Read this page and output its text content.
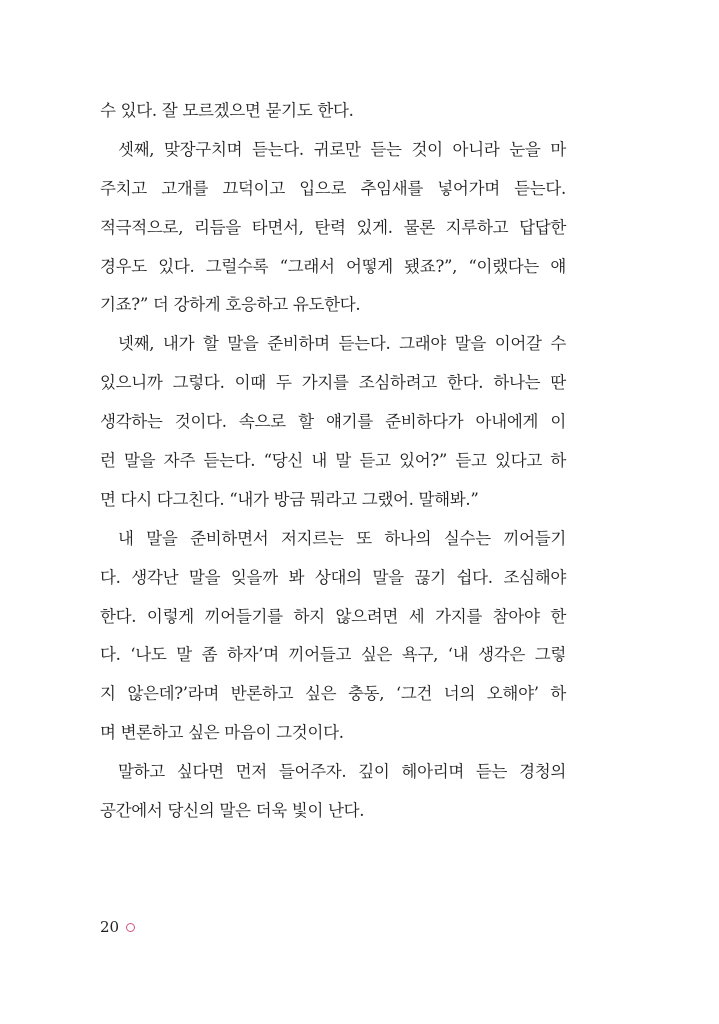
수 있다. 잘 모르겠으면 묻기도 한다.
셋째, 맞장구치며 듣는다. 귀로만 듣는 것이 아니라 눈을 마
주치고 고개를 끄덕이고 입으로 추임새를 넣어가며 듣는다.
적극적으로, 리듬을 타면서, 탄력 있게. 물론 지루하고 답답한
경우도 있다. 그럴수록 “그래서 어떻게 됐죠?”, “이랬다는 얘
기죠?” 더 강하게 호응하고 유도한다.
넷째, 내가 할 말을 준비하며 듣는다. 그래야 말을 이어갈 수
있으니까 그렇다. 이때 두 가지를 조심하려고 한다. 하나는 딴
생각하는 것이다. 속으로 할 얘기를 준비하다가 아내에게 이
런 말을 자주 듣는다. “당신 내 말 듣고 있어?” 듣고 있다고 하
면 다시 다그친다. “내가 방금 뭐라고 그랬어. 말해봐.”
내 말을 준비하면서 저지르는 또 하나의 실수는 끼어들기
다. 생각난 말을 잊을까 봐 상대의 말을 끊기 쉽다. 조심해야
한다. 이렇게 끼어들기를 하지 않으려면 세 가지를 참아야 한
다. ‘나도 말 좀 하자’며 끼어들고 싶은 욕구, ‘내 생각은 그렇
지 않은데?’라며 반론하고 싶은 충동, ‘그건 너의 오해야’ 하
며 변론하고 싶은 마음이 그것이다.
말하고 싶다면 먼저 들어주자. 깊이 헤아리며 듣는 경청의
공간에서 당신의 말은 더욱 빛이 난다.
20
